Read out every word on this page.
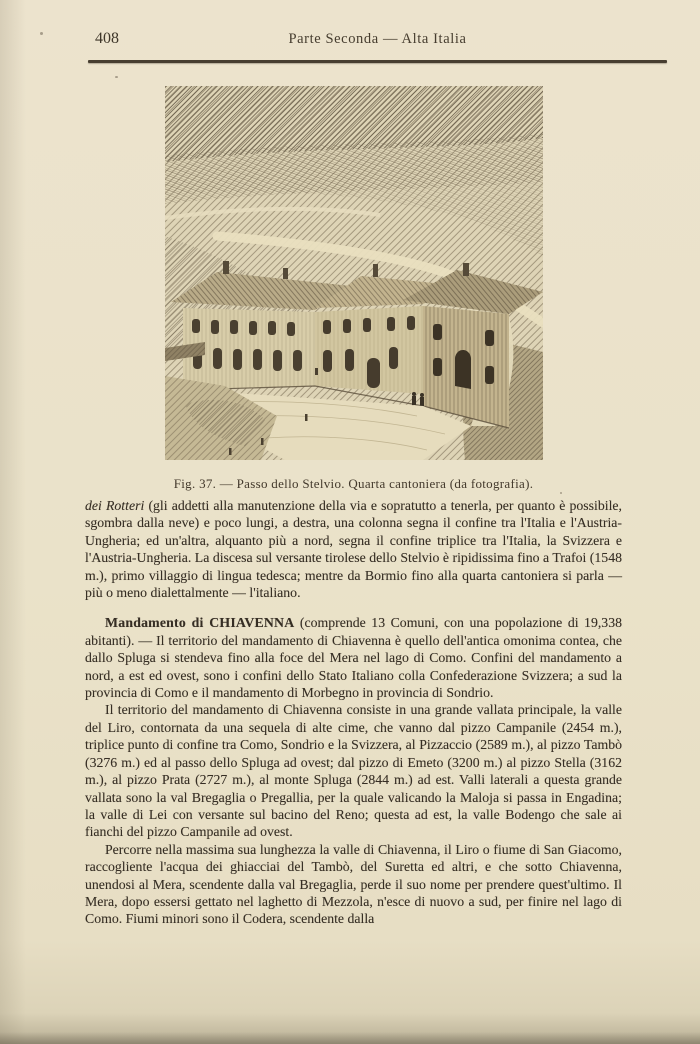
408	Parte Seconda — Alta Italia
Fig. 37. — Passo dello Stelvio. Quarta cantoniera (da fotografia).

dei Rotteri (gli addetti alla manutenzione della via e sopratutto a tenerla, per quanto è possibile, sgombra dalla neve) e poco lungi, a destra, una colonna segna il confine tra l'Italia e l'Austria-Ungheria; ed un'altra, alquanto più a nord, segna il confine triplice tra l'Italia, la Svizzera e l'Austria-Ungheria. La discesa sul versante tirolese dello Stelvio è ripidissima fino a Trafoi (1548 m.), primo villaggio di lingua tedesca; mentre da Bormio fino alla quarta cantoniera si parla — più o meno dialettalmente — l'italiano.

Mandamento di CHIAVENNA (comprende 13 Comuni, con una popolazione di 19,338 abitanti). — Il territorio del mandamento di Chiavenna è quello dell'antica omonima contea, che dallo Spluga si stendeva fino alla foce del Mera nel lago di Como. Confini del mandamento a nord, a est ed ovest, sono i confini dello Stato Italiano colla Confederazione Svizzera; a sud la provincia di Como e il mandamento di Morbegno in provincia di Sondrio.

Il territorio del mandamento di Chiavenna consiste in una grande vallata principale, la valle del Liro, contornata da una sequela di alte cime, che vanno dal pizzo Campanile (2454 m.), triplice punto di confine tra Como, Sondrio e la Svizzera, al Pizzaccio (2589 m.), al pizzo Tambò (3276 m.) ed al passo dello Spluga ad ovest; dal pizzo di Emeto (3200 m.) al pizzo Stella (3162 m.), al pizzo Prata (2727 m.), al monte Spluga (2844 m.) ad est. Valli laterali a questa grande vallata sono la val Bregaglia o Pregallia, per la quale valicando la Maloja si passa in Engadina; la valle di Lei con versante sul bacino del Reno; questa ad est, la valle Bodengo che sale ai fianchi del pizzo Campanile ad ovest.

Percorre nella massima sua lunghezza la valle di Chiavenna, il Liro o fiume di San Giacomo, raccogliente l'acqua dei ghiacciai del Tambò, del Suretta ed altri, e che sotto Chiavenna, unendosi al Mera, scendente dalla val Bregaglia, perde il suo nome per prendere quest'ultimo. Il Mera, dopo essersi gettato nel laghetto di Mezzola, n'esce di nuovo a sud, per finire nel lago di Como. Fiumi minori sono il Codera, scendente dalla
